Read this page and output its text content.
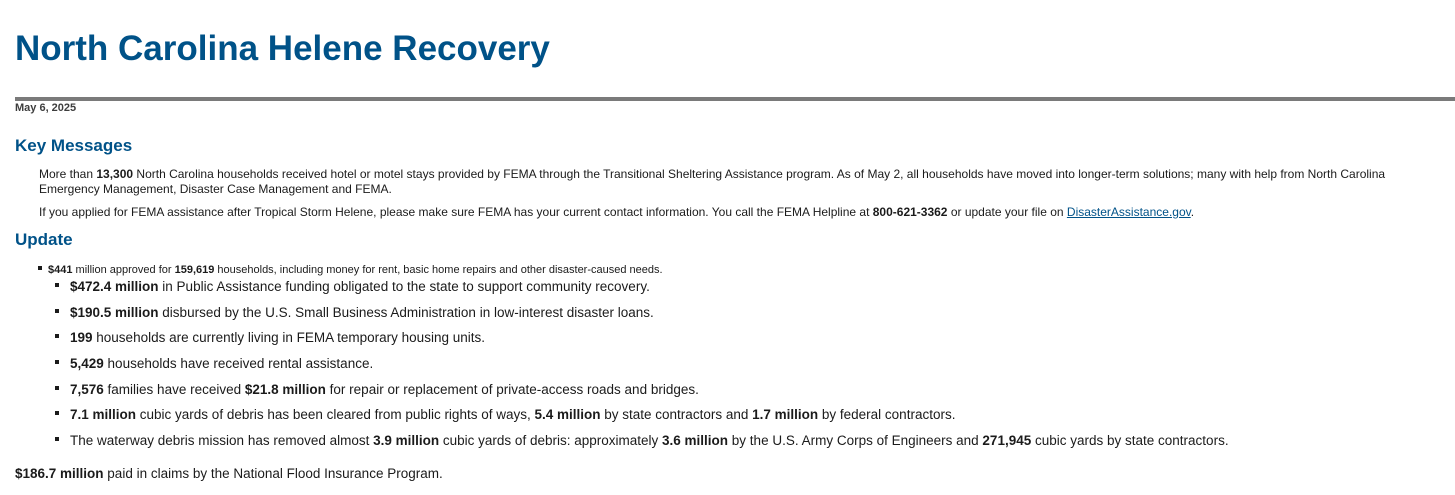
North Carolina Helene Recovery
May 6, 2025
Key Messages

More than 13,300 North Carolina households received hotel or motel stays provided by FEMA through the Transitional Sheltering Assistance program. As of May 2, all households have moved into longer-term solutions; many with help from North Carolina
Emergency Management, Disaster Case Management and FEMA.

If you applied for FEMA assistance after Tropical Storm Helene, please make sure FEMA has your current contact information. You call the FEMA Helpline at 800-621-3362 or update your file on DisasterAssistance.gov.

Update
$441 million approved for 159,619 households, including money for rent, basic home repairs and other disaster-caused needs.
$472.4 million in Public Assistance funding obligated to the state to support community recovery.
$190.5 million disbursed by the U.S. Small Business Administration in low-interest disaster loans.
199 households are currently living in FEMA temporary housing units.
5,429 households have received rental assistance.
7,576 families have received $21.8 million for repair or replacement of private-access roads and bridges.
7.1 million cubic yards of debris has been cleared from public rights of ways, 5.4 million by state contractors and 1.7 million by federal contractors.
The waterway debris mission has removed almost 3.9 million cubic yards of debris: approximately 3.6 million by the U.S. Army Corps of Engineers and 271,945 cubic yards by state contractors.
$186.7 million paid in claims by the National Flood Insurance Program.
